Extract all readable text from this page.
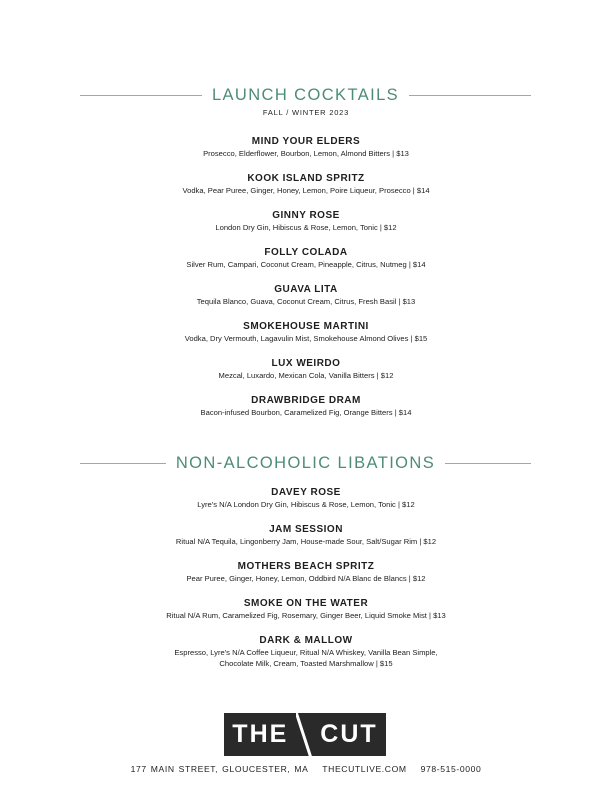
LAUNCH COCKTAILS
FALL / WINTER 2023
MIND YOUR ELDERS
Prosecco, Elderflower, Bourbon, Lemon, Almond Bitters | $13
KOOK ISLAND SPRITZ
Vodka, Pear Puree, Ginger, Honey, Lemon, Poire Liqueur, Prosecco | $14
GINNY ROSE
London Dry Gin, Hibiscus & Rose, Lemon, Tonic | $12
FOLLY COLADA
Silver Rum, Campari, Coconut Cream, Pineapple, Citrus, Nutmeg | $14
GUAVA LITA
Tequila Blanco, Guava, Coconut Cream, Citrus, Fresh Basil | $13
SMOKEHOUSE MARTINI
Vodka, Dry Vermouth, Lagavulin Mist, Smokehouse Almond Olives | $15
LUX WEIRDO
Mezcal, Luxardo, Mexican Cola, Vanilla Bitters | $12
DRAWBRIDGE DRAM
Bacon-infused Bourbon, Caramelized Fig, Orange Bitters | $14
NON-ALCOHOLIC LIBATIONS
DAVEY ROSE
Lyre's N/A London Dry Gin, Hibiscus & Rose, Lemon, Tonic | $12
JAM SESSION
Ritual N/A Tequila, Lingonberry Jam, House-made Sour, Salt/Sugar Rim | $12
MOTHERS BEACH SPRITZ
Pear Puree, Ginger, Honey, Lemon, Oddbird N/A Blanc de Blancs | $12
SMOKE ON THE WATER
Ritual N/A Rum, Caramelized Fig, Rosemary, Ginger Beer, Liquid Smoke Mist | $13
DARK & MALLOW
Espresso, Lyre's N/A Coffee Liqueur, Ritual N/A Whiskey, Vanilla Bean Simple,
Chocolate Milk, Cream, Toasted Marshmallow | $15
THE CUT
177 MAIN STREET, GLOUCESTER, MA THECUTLIVE.COM 978-515-0000
